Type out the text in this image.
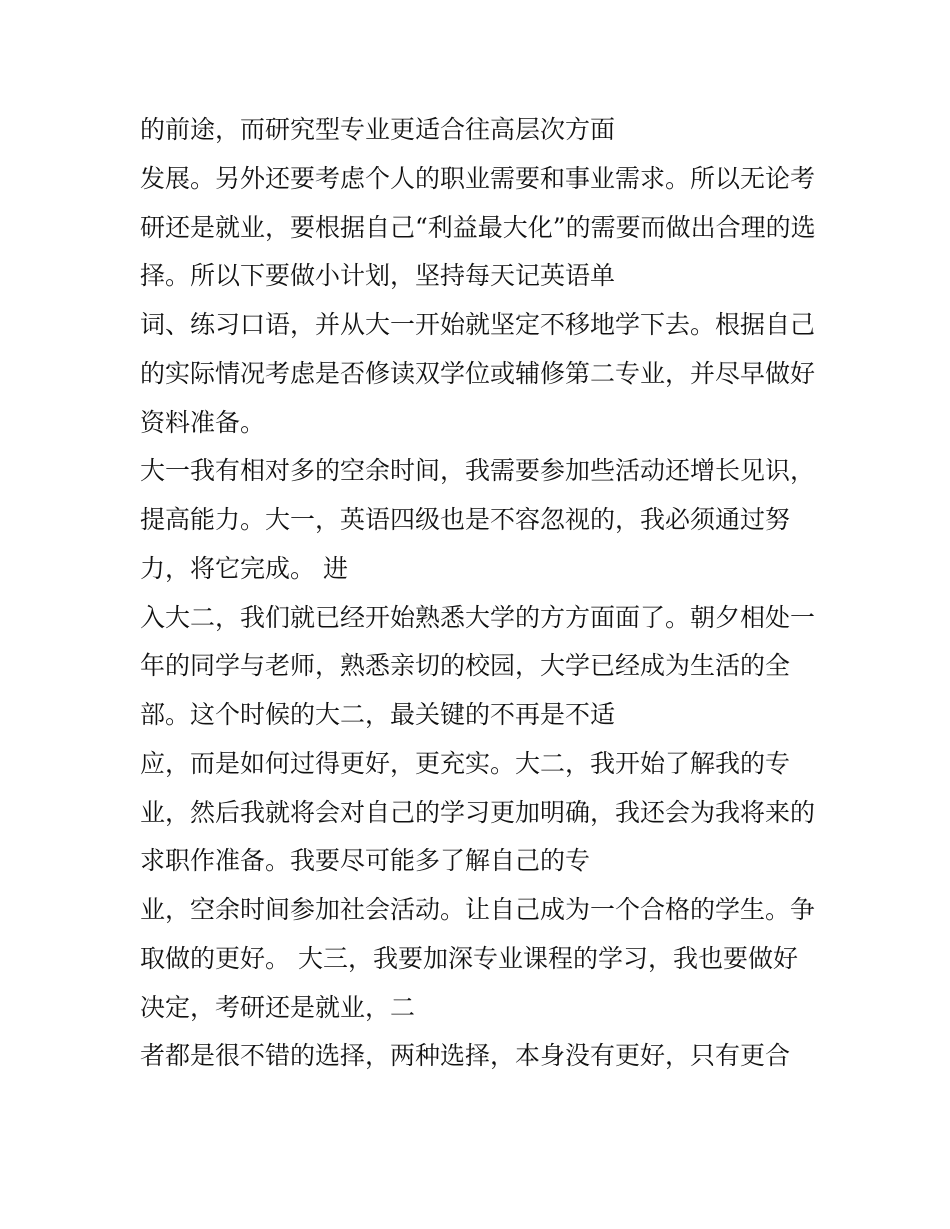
的前途，而研究型专业更适合往高层次方面
发展。另外还要考虑个人的职业需要和事业需求。所以无论考
研还是就业，要根据自己“利益最大化”的需要而做出合理的选
择。所以下要做小计划，坚持每天记英语单
词、练习口语，并从大一开始就坚定不移地学下去。根据自己
的实际情况考虑是否修读双学位或辅修第二专业，并尽早做好
资料准备。
大一我有相对多的空余时间，我需要参加些活动还增长见识，
提高能力。大一，英语四级也是不容忽视的，我必须通过努
力，将它完成。 进
入大二，我们就已经开始熟悉大学的方方面面了。朝夕相处一
年的同学与老师，熟悉亲切的校园，大学已经成为生活的全
部。这个时候的大二，最关键的不再是不适
应，而是如何过得更好，更充实。大二，我开始了解我的专
业，然后我就将会对自己的学习更加明确，我还会为我将来的
求职作准备。我要尽可能多了解自己的专
业，空余时间参加社会活动。让自己成为一个合格的学生。争
取做的更好。 大三，我要加深专业课程的学习，我也要做好
决定，考研还是就业，二
者都是很不错的选择，两种选择，本身没有更好，只有更合
